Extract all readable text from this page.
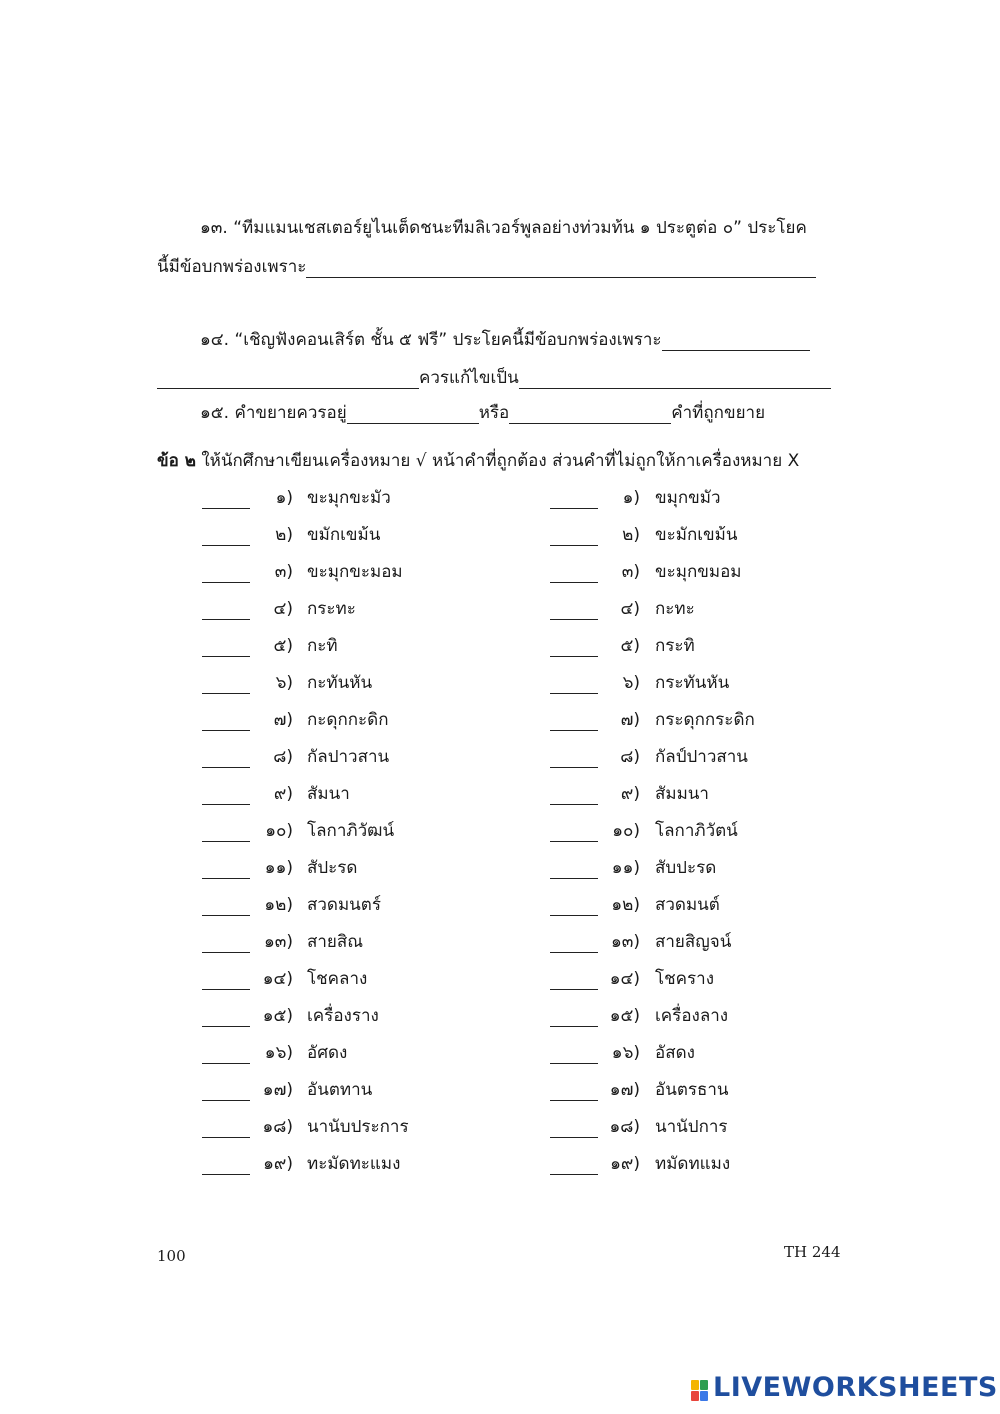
๑๓. “ทีมแมนเชสเตอร์ยูไนเต็ดชนะทีมลิเวอร์พูลอย่างท่วมท้น ๑ ประตูต่อ ๐” ประโยค
นี้มีข้อบกพร่องเพราะ
๑๔. “เชิญฟังคอนเสิร์ต ชั้น ๕ ฟรี” ประโยคนี้มีข้อบกพร่องเพราะ
ควรแก้ไขเป็น
๑๕. คำขยายควรอยู่	หรือ	คำที่ถูกขยาย
ข้อ ๒ ให้นักศึกษาเขียนเครื่องหมาย √ หน้าคำที่ถูกต้อง ส่วนคำที่ไม่ถูกให้กาเครื่องหมาย X
๑) ขะมุกขะมัว
๒) ขมักเขม้น
๓) ขะมุกขะมอม
๔) กระทะ
๕) กะทิ
๖) กะทันหัน
๗) กะดุกกะดิก
๘) กัลปาวสาน
๙) สัมนา
๑๐) โลกาภิวัฒน์
๑๑) สัปะรด
๑๒) สวดมนตร์
๑๓) สายสิณ
๑๔) โชคลาง
๑๕) เครื่องราง
๑๖) อัศดง
๑๗) อันตทาน
๑๘) นานับประการ
๑๙) ทะมัดทะแมง
๑) ขมุกขมัว
๒) ขะมักเขม้น
๓) ขะมุกขมอม
๔) กะทะ
๕) กระทิ
๖) กระทันหัน
๗) กระดุกกระดิก
๘) กัลป์ปาวสาน
๙) สัมมนา
๑๐) โลกาภิวัตน์
๑๑) สับปะรด
๑๒) สวดมนต์
๑๓) สายสิญจน์
๑๔) โชคราง
๑๕) เครื่องลาง
๑๖) อัสดง
๑๗) อันตรธาน
๑๘) นานัปการ
๑๙) ทมัดทแมง
100	TH 244
LIVEWORKSHEETS
